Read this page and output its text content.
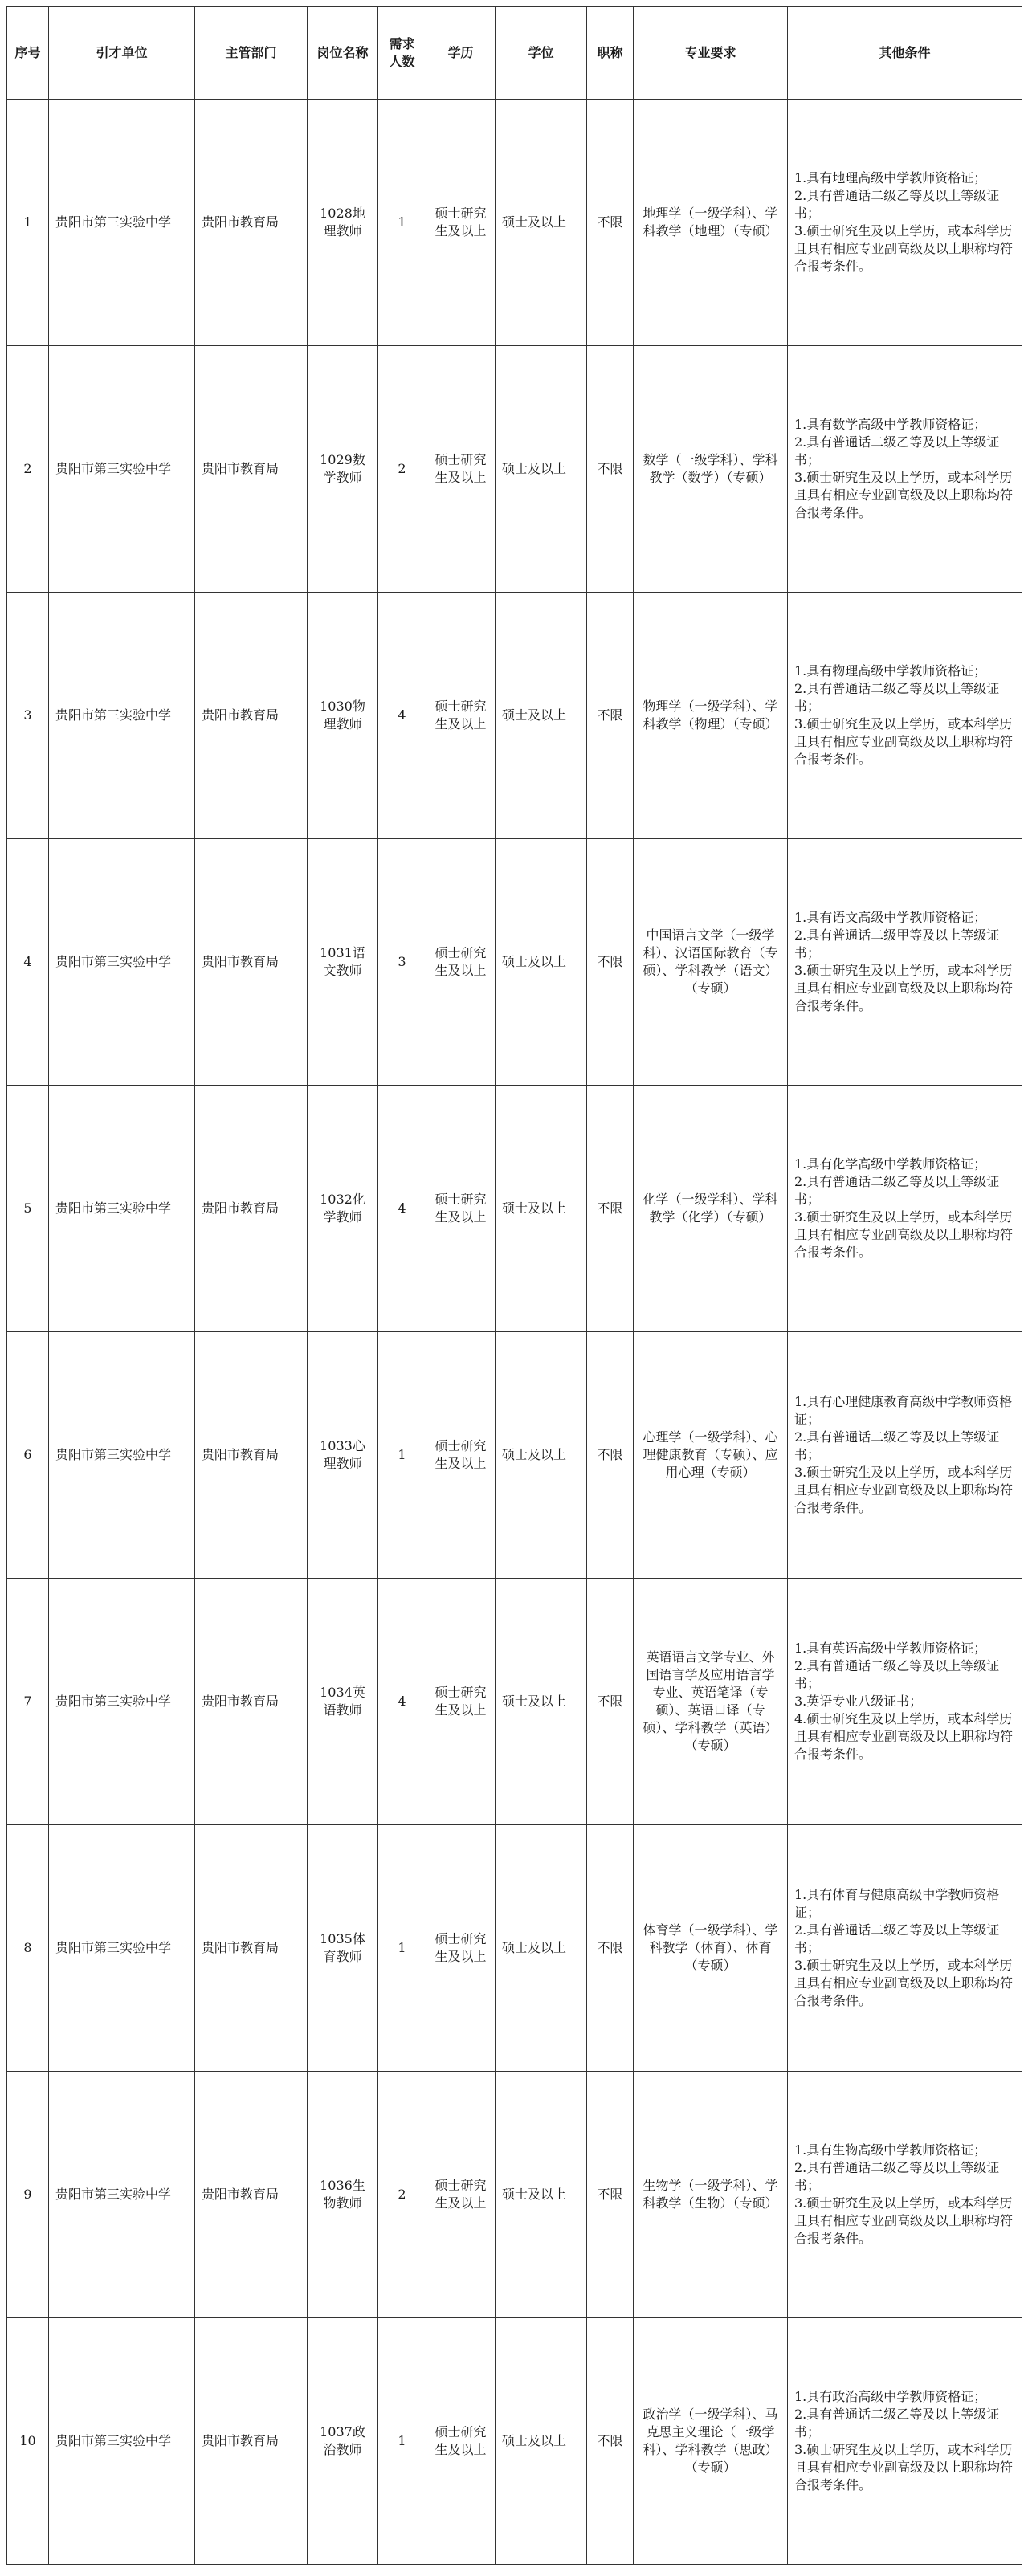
序号	引才单位	主管部门	岗位名称	需求人数	学历	学位	职称	专业要求	其他条件
1	贵阳市第三实验中学	贵阳市教育局	1028地理教师	1	硕士研究生及以上	硕士及以上	不限	地理学（一级学科）、学科教学（地理）（专硕）	1.具有地理高级中学教师资格证；
2.具有普通话二级乙等及以上等级证书；
3.硕士研究生及以上学历，或本科学历且具有相应专业副高级及以上职称均符合报考条件。

2	贵阳市第三实验中学	贵阳市教育局	1029数学教师	2	硕士研究生及以上	硕士及以上	不限	数学（一级学科）、学科教学（数学）（专硕）	1.具有数学高级中学教师资格证；
2.具有普通话二级乙等及以上等级证书；
3.硕士研究生及以上学历，或本科学历且具有相应专业副高级及以上职称均符合报考条件。

3	贵阳市第三实验中学	贵阳市教育局	1030物理教师	4	硕士研究生及以上	硕士及以上	不限	物理学（一级学科）、学科教学（物理）（专硕）	1.具有物理高级中学教师资格证；
2.具有普通话二级乙等及以上等级证书；
3.硕士研究生及以上学历，或本科学历且具有相应专业副高级及以上职称均符合报考条件。

4	贵阳市第三实验中学	贵阳市教育局	1031语文教师	3	硕士研究生及以上	硕士及以上	不限	中国语言文学（一级学科）、汉语国际教育（专硕）、学科教学（语文）（专硕）	1.具有语文高级中学教师资格证；
2.具有普通话二级甲等及以上等级证书；
3.硕士研究生及以上学历，或本科学历且具有相应专业副高级及以上职称均符合报考条件。

5	贵阳市第三实验中学	贵阳市教育局	1032化学教师	4	硕士研究生及以上	硕士及以上	不限	化学（一级学科）、学科教学（化学）（专硕）	1.具有化学高级中学教师资格证；
2.具有普通话二级乙等及以上等级证书；
3.硕士研究生及以上学历，或本科学历且具有相应专业副高级及以上职称均符合报考条件。

6	贵阳市第三实验中学	贵阳市教育局	1033心理教师	1	硕士研究生及以上	硕士及以上	不限	心理学（一级学科）、心理健康教育（专硕）、应用心理（专硕）	1.具有心理健康教育高级中学教师资格证；
2.具有普通话二级乙等及以上等级证书；
3.硕士研究生及以上学历，或本科学历且具有相应专业副高级及以上职称均符合报考条件。

7	贵阳市第三实验中学	贵阳市教育局	1034英语教师	4	硕士研究生及以上	硕士及以上	不限	英语语言文学专业、外国语言学及应用语言学专业、英语笔译（专硕）、英语口译（专硕）、学科教学（英语）（专硕）	1.具有英语高级中学教师资格证；
2.具有普通话二级乙等及以上等级证书；
3.英语专业八级证书；
4.硕士研究生及以上学历，或本科学历且具有相应专业副高级及以上职称均符合报考条件。

8	贵阳市第三实验中学	贵阳市教育局	1035体育教师	1	硕士研究生及以上	硕士及以上	不限	体育学（一级学科）、学科教学（体育）、体育（专硕）	1.具有体育与健康高级中学教师资格证；
2.具有普通话二级乙等及以上等级证书；
3.硕士研究生及以上学历，或本科学历且具有相应专业副高级及以上职称均符合报考条件。

9	贵阳市第三实验中学	贵阳市教育局	1036生物教师	2	硕士研究生及以上	硕士及以上	不限	生物学（一级学科）、学科教学（生物）（专硕）	1.具有生物高级中学教师资格证；
2.具有普通话二级乙等及以上等级证书；
3.硕士研究生及以上学历，或本科学历且具有相应专业副高级及以上职称均符合报考条件。

10	贵阳市第三实验中学	贵阳市教育局	1037政治教师	1	硕士研究生及以上	硕士及以上	不限	政治学（一级学科）、马克思主义理论（一级学科）、学科教学（思政）（专硕）	1.具有政治高级中学教师资格证；
2.具有普通话二级乙等及以上等级证书；
3.硕士研究生及以上学历，或本科学历且具有相应专业副高级及以上职称均符合报考条件。
